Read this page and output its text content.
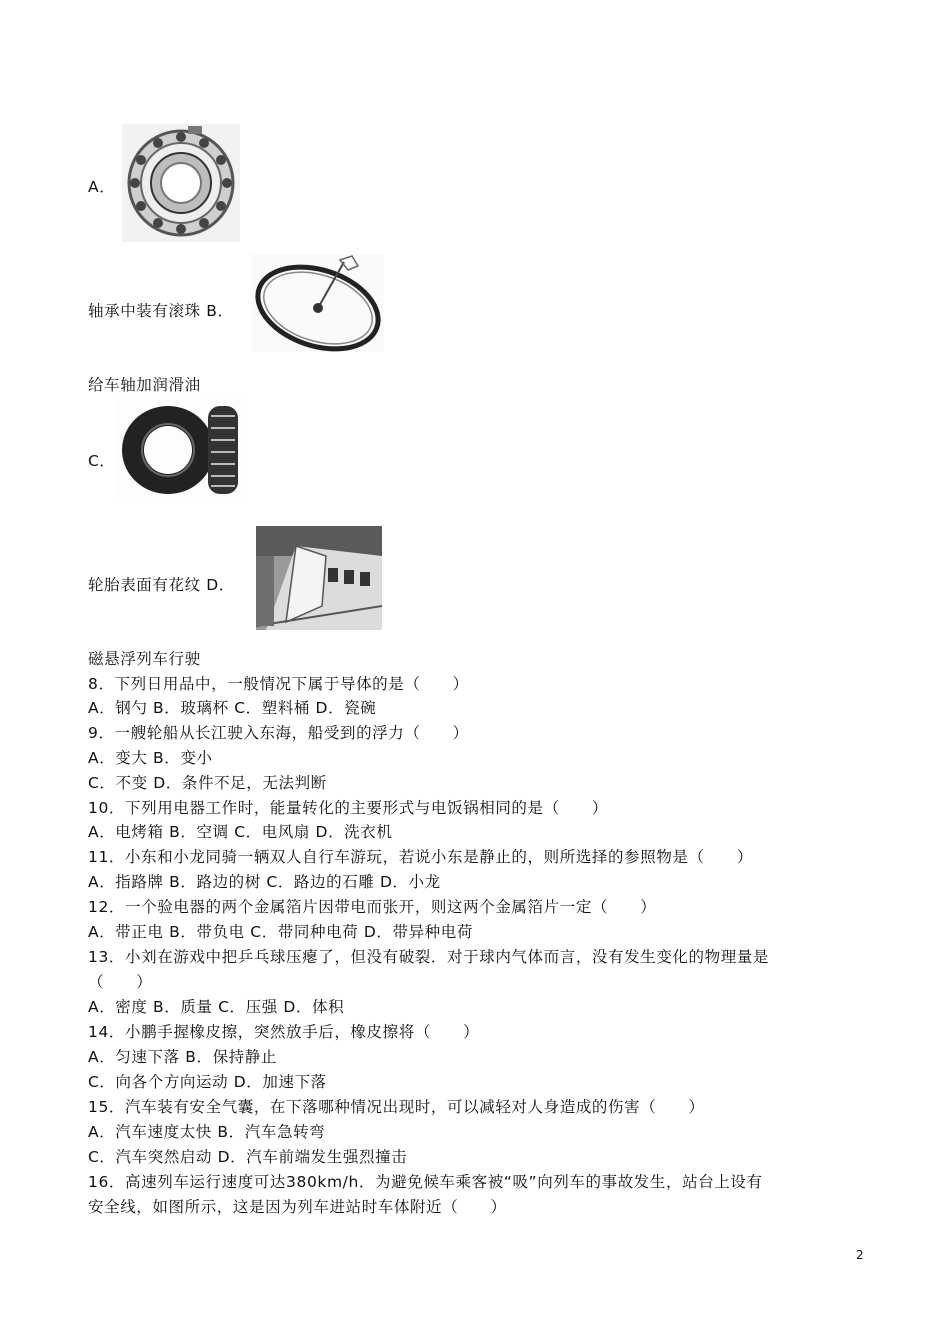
A．
轴承中装有滚珠 B．
给车轴加润滑油
C．
轮胎表面有花纹 D．
磁悬浮列车行驶
8．下列日用品中，一般情况下属于导体的是（　　）
A．钢勺 B．玻璃杯 C．塑料桶 D．瓷碗
9．一艘轮船从长江驶入东海，船受到的浮力（　　）
A．变大 B．变小
C．不变 D．条件不足，无法判断
10．下列用电器工作时，能量转化的主要形式与电饭锅相同的是（　　）
A．电烤箱 B．空调 C．电风扇 D．洗衣机
11．小东和小龙同骑一辆双人自行车游玩，若说小东是静止的，则所选择的参照物是（　　）
A．指路牌 B．路边的树 C．路边的石雕 D．小龙
12．一个验电器的两个金属箔片因带电而张开，则这两个金属箔片一定（　　）
A．带正电 B．带负电 C．带同种电荷 D．带异种电荷
13．小刘在游戏中把乒乓球压瘪了，但没有破裂．对于球内气体而言，没有发生变化的物理量是
（　　）
A．密度 B．质量 C．压强 D．体积
14．小鹏手握橡皮擦，突然放手后，橡皮擦将（　　）
A．匀速下落 B．保持静止
C．向各个方向运动 D．加速下落
15．汽车装有安全气囊，在下落哪种情况出现时，可以减轻对人身造成的伤害（　　）
A．汽车速度太快 B．汽车急转弯
C．汽车突然启动 D．汽车前端发生强烈撞击
16．高速列车运行速度可达380km/h．为避免候车乘客被“吸”向列车的事故发生，站台上设有
安全线，如图所示，这是因为列车进站时车体附近（　　）
2
